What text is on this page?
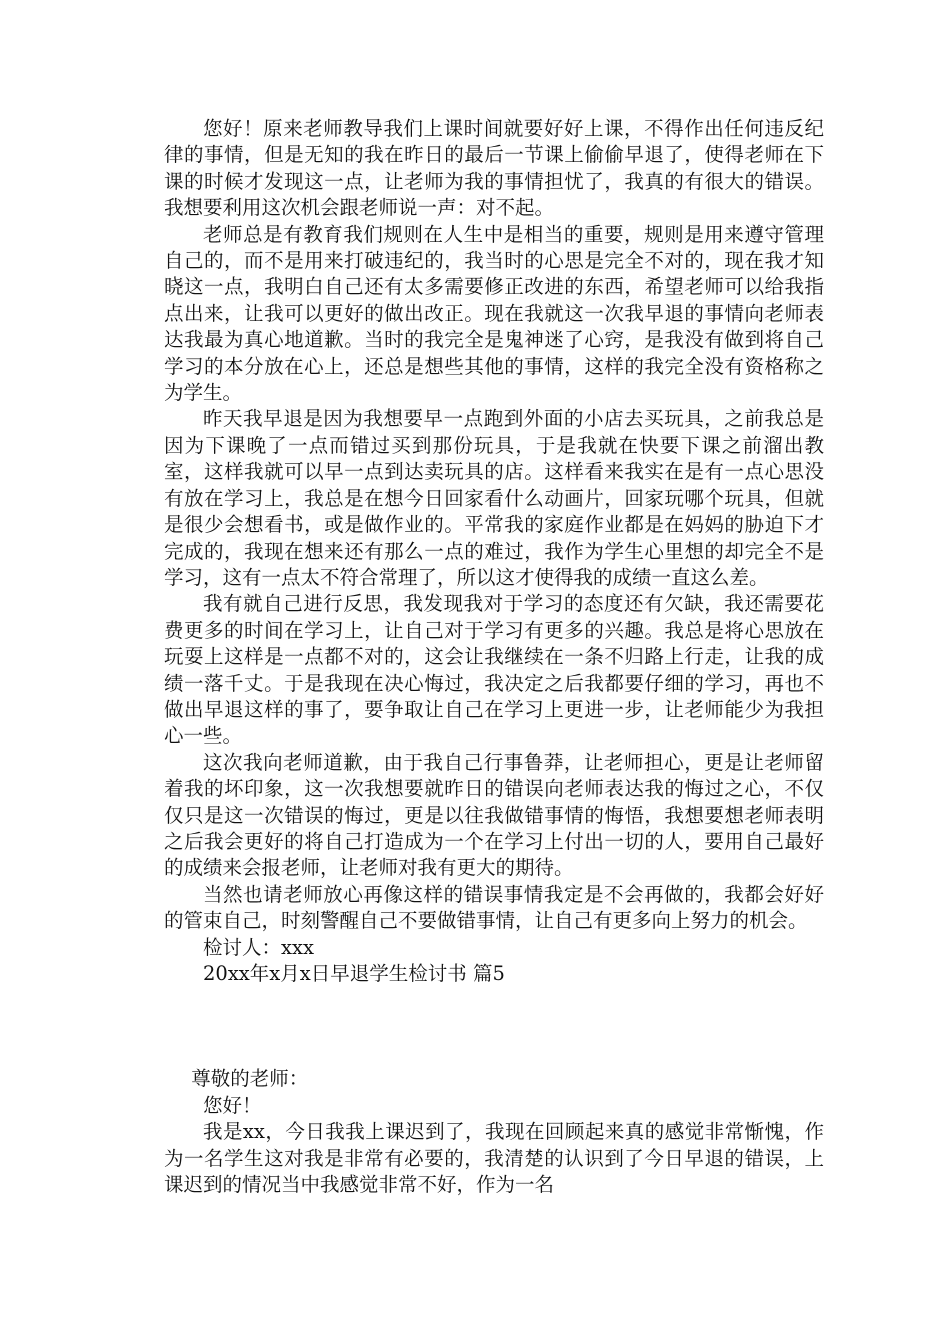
您好！原来老师教导我们上课时间就要好好上课，不得作出任何违反纪律的事情，但是无知的我在昨日的最后一节课上偷偷早退了，使得老师在下课的时候才发现这一点，让老师为我的事情担忧了，我真的有很大的错误。我想要利用这次机会跟老师说一声：对不起。

老师总是有教育我们规则在人生中是相当的重要，规则是用来遵守管理自己的，而不是用来打破违纪的，我当时的心思是完全不对的，现在我才知晓这一点，我明白自己还有太多需要修正改进的东西，希望老师可以给我指点出来，让我可以更好的做出改正。现在我就这一次我早退的事情向老师表达我最为真心地道歉。当时的我完全是鬼神迷了心窍，是我没有做到将自己学习的本分放在心上，还总是想些其他的事情，这样的我完全没有资格称之为学生。

昨天我早退是因为我想要早一点跑到外面的小店去买玩具，之前我总是因为下课晚了一点而错过买到那份玩具，于是我就在快要下课之前溜出教室，这样我就可以早一点到达卖玩具的店。这样看来我实在是有一点心思没有放在学习上，我总是在想今日回家看什么动画片，回家玩哪个玩具，但就是很少会想看书，或是做作业的。平常我的家庭作业都是在妈妈的胁迫下才完成的，我现在想来还有那么一点的难过，我作为学生心里想的却完全不是学习，这有一点太不符合常理了，所以这才使得我的成绩一直这么差。

我有就自己进行反思，我发现我对于学习的态度还有欠缺，我还需要花费更多的时间在学习上，让自己对于学习有更多的兴趣。我总是将心思放在玩耍上这样是一点都不对的，这会让我继续在一条不归路上行走，让我的成绩一落千丈。于是我现在决心悔过，我决定之后我都要仔细的学习，再也不做出早退这样的事了，要争取让自己在学习上更进一步，让老师能少为我担心一些。

这次我向老师道歉，由于我自己行事鲁莽，让老师担心，更是让老师留着我的坏印象，这一次我想要就昨日的错误向老师表达我的悔过之心，不仅仅只是这一次错误的悔过，更是以往我做错事情的悔悟，我想要想老师表明之后我会更好的将自己打造成为一个在学习上付出一切的人，要用自己最好的成绩来会报老师，让老师对我有更大的期待。

当然也请老师放心再像这样的错误事情我定是不会再做的，我都会好好的管束自己，时刻警醒自己不要做错事情，让自己有更多向上努力的机会。

检讨人：xxx

20xx年x月x日早退学生检讨书 篇5

尊敬的老师：

您好！

我是xx，今日我我上课迟到了，我现在回顾起来真的感觉非常惭愧，作为一名学生这对我是非常有必要的，我清楚的认识到了今日早退的错误，上课迟到的情况当中我感觉非常不好，作为一名
